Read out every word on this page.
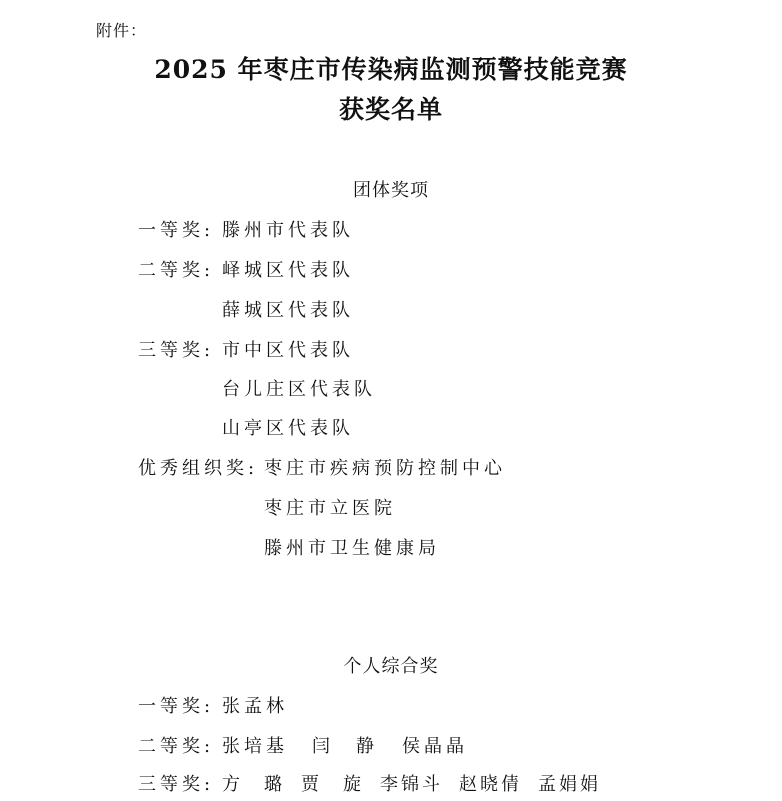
附件：
2025 年枣庄市传染病监测预警技能竞赛
获奖名单
团体奖项
一等奖: 滕州市代表队
二等奖: 峄城区代表队
薛城区代表队
三等奖: 市中区代表队
台儿庄区代表队
山亭区代表队
优秀组织奖: 枣庄市疾病预防控制中心
枣庄市立医院
滕州市卫生健康局
个人综合奖
一等奖: 张孟林
二等奖: 张培基 闫　静 侯晶晶
三等奖: 方　璐 贾　旋 李锦斗 赵晓倩 孟娟娟
